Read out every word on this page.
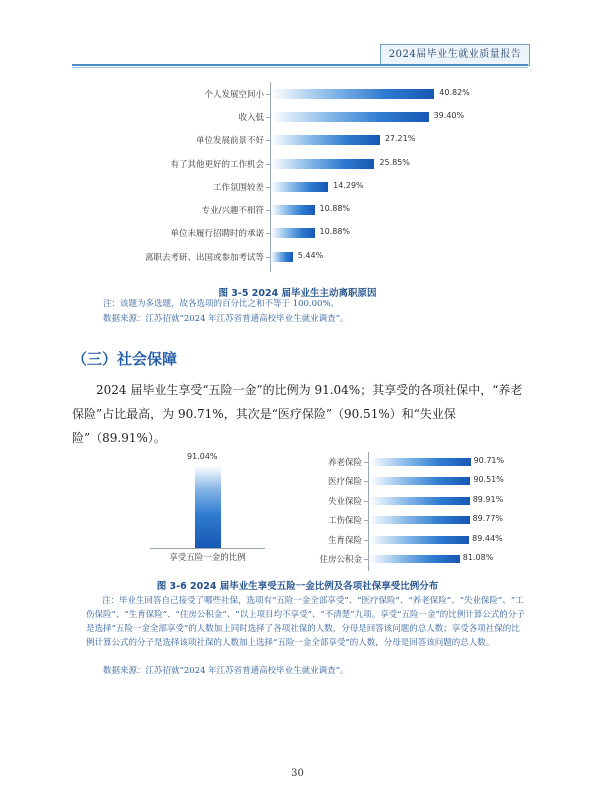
2024届毕业生就业质量报告
图 3-5 2024 届毕业生主动离职原因
注：该题为多选题，故各选项的百分比之和不等于 100.00%。
数据来源：江苏招就“2024 年江苏省普通高校毕业生就业调查”。
（三）社会保障
2024 届毕业生享受“五险一金”的比例为 91.04%；其享受的各项社保中，“养老保险”占比最高，为 90.71%，其次是“医疗保险”（90.51%）和“失业保险”（89.91%）。
图 3-6 2024 届毕业生享受五险一金比例及各项社保享受比例分布
注：毕业生回答自己接受了哪些社保，选项有“五险一金全部享受”、“医疗保险”、“养老保险”、“失业保险”、“工伤保险”、“生育保险”、“住房公积金”、“以上项目均不享受”、“不清楚”九项。享受“五险一金”的比例计算公式的分子是选择“五险一金全部享受”的人数加上同时选择了各项社保的人数，分母是回答该问题的总人数；享受各项社保的比例计算公式的分子是选择该项社保的人数加上选择“五险一金全部享受”的人数，分母是回答该问题的总人数。
数据来源：江苏招就“2024 年江苏省普通高校毕业生就业调查”。
30
个人发展空间小	40.82%
收入低	39.40%
单位发展前景不好	27.21%
有了其他更好的工作机会	25.85%
工作氛围较差	14.29%
专业/兴趣不相符	10.88%
单位未履行招聘时的承诺	10.88%
离职去考研、出国或参加考试等	5.44%
91.04%
享受五险一金的比例
养老保险	90.71%
医疗保险	90.51%
失业保险	89.91%
工伤保险	89.77%
生育保险	89.44%
住房公积金	81.08%
